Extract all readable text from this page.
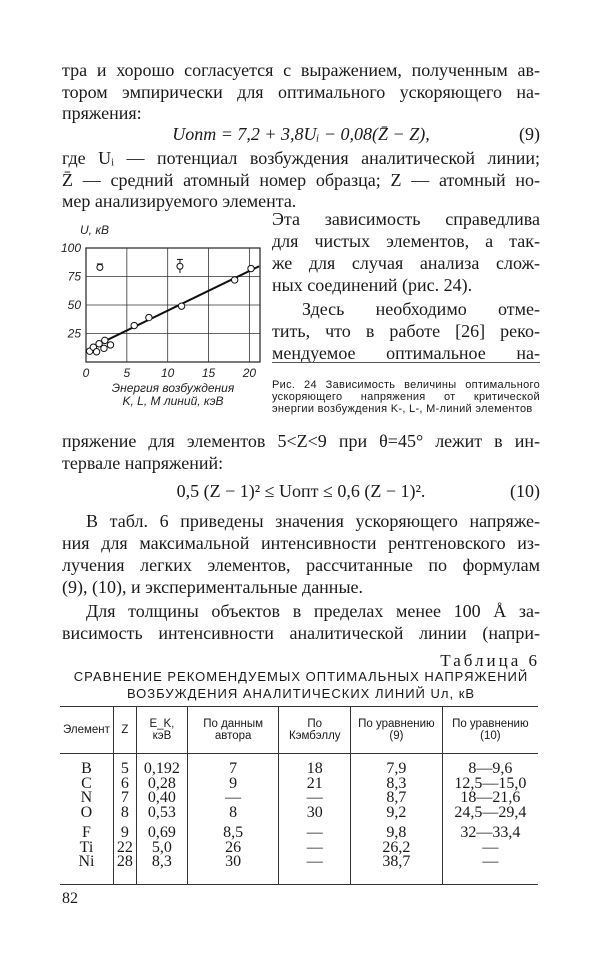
тра и хорошо согласуется с выражением, полученным ав-
тором эмпирически для оптимального ускоряющего на-
пряжения:
Uопт = 7,2 + 3,8Uᵢ − 0,08(Z̄ − Z),	(9)
где Uᵢ — потенциал возбуждения аналитической линии;
Z̄ — средний атомный номер образца; Z — атомный но-
мер анализируемого элемента.
Эта зависимость справедлива
для чистых элементов, а так-
же для случая анализа слож-
ных соединений (рис. 24).
Здесь необходимо отме-
тить, что в работе [26] реко-
мендуемое оптимальное на-
Рис. 24 Зависимость величины оптимального ускоряющего напряжения от критической энергии возбуждения K-, L-, M-линий элементов
0	5	10 15 20
25
50
75
100
U, кВ
Энергия возбуждения
K, L, M линий, кэВ
пряжение для элементов 5<Z<9 при θ=45° лежит в ин-
тервале напряжений:
0,5 (Z − 1)² ≤ Uопт ≤ 0,6 (Z − 1)².	(10)
В табл. 6 приведены значения ускоряющего напряже-
ния для максимальной интенсивности рентгеновского из-
лучения легких элементов, рассчитанные по формулам
(9), (10), и экспериментальные данные.
Для толщины объектов в пределах менее 100 Å за-
висимость интенсивности аналитической линии (напри-
Таблица 6
СРАВНЕНИЕ РЕКОМЕНДУЕМЫХ ОПТИМАЛЬНЫХ НАПРЯЖЕНИЙ
ВОЗБУЖДЕНИЯ АНАЛИТИЧЕСКИХ ЛИНИЙ Uл, кВ
Элемент	Z	E_K, кэВ	По данным автора	По Кэмбэллу	По уравнению (9)	По уравнению (10)

B	5	0,192	7	18	7,9	8—9,6
C	6	0,28	9	21	8,3	12,5—15,0
N	7	0,40	—	—	8,7	18—21,6
O	8	0,53	8	30	9,2	24,5—29,4
F	9	0,69	8,5	—	9,8	32—33,4
Ti	22	5,0	26	—	26,2	—
Ni	28	8,3	30	—	38,7	—
82
